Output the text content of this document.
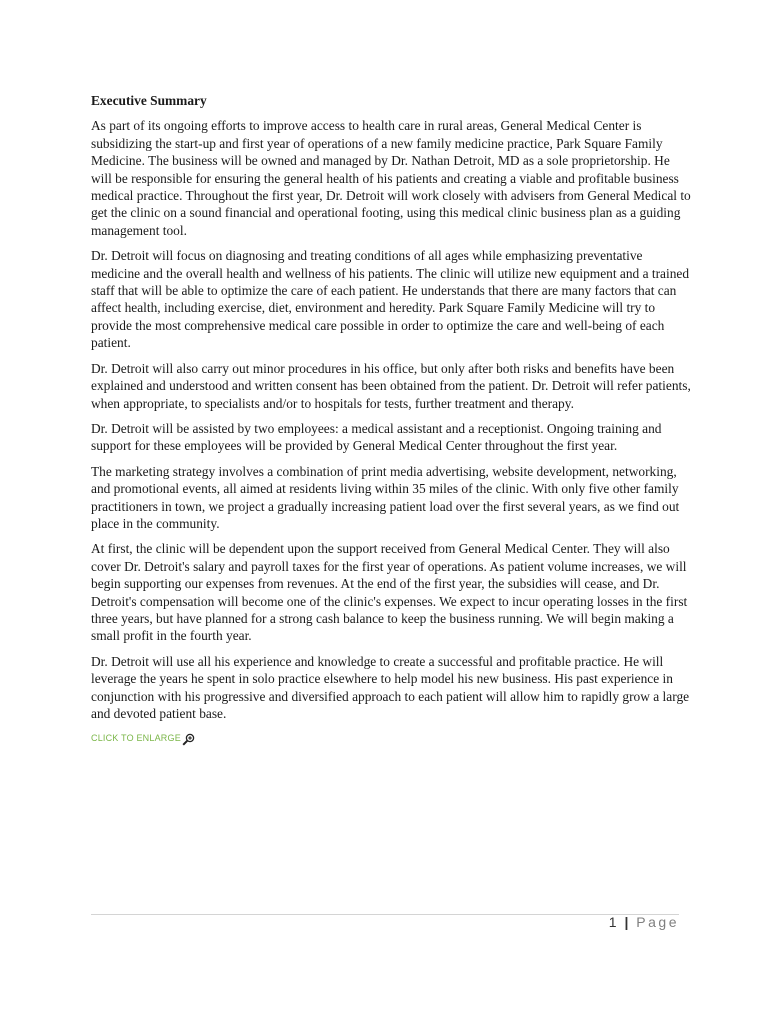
Executive Summary

As part of its ongoing efforts to improve access to health care in rural areas, General Medical Center is subsidizing the start-up and first year of operations of a new family medicine practice, Park Square Family Medicine. The business will be owned and managed by Dr. Nathan Detroit, MD as a sole proprietorship. He will be responsible for ensuring the general health of his patients and creating a viable and profitable business medical practice. Throughout the first year, Dr. Detroit will work closely with advisers from General Medical to get the clinic on a sound financial and operational footing, using this medical clinic business plan as a guiding management tool.

Dr. Detroit will focus on diagnosing and treating conditions of all ages while emphasizing preventative medicine and the overall health and wellness of his patients. The clinic will utilize new equipment and a trained staff that will be able to optimize the care of each patient. He understands that there are many factors that can affect health, including exercise, diet, environment and heredity. Park Square Family Medicine will try to provide the most comprehensive medical care possible in order to optimize the care and well-being of each patient.

Dr. Detroit will also carry out minor procedures in his office, but only after both risks and benefits have been explained and understood and written consent has been obtained from the patient. Dr. Detroit will refer patients, when appropriate, to specialists and/or to hospitals for tests, further treatment and therapy.

Dr. Detroit will be assisted by two employees: a medical assistant and a receptionist. Ongoing training and support for these employees will be provided by General Medical Center throughout the first year.

The marketing strategy involves a combination of print media advertising, website development, networking, and promotional events, all aimed at residents living within 35 miles of the clinic. With only five other family practitioners in town, we project a gradually increasing patient load over the first several years, as we find out place in the community.

At first, the clinic will be dependent upon the support received from General Medical Center. They will also cover Dr. Detroit's salary and payroll taxes for the first year of operations. As patient volume increases, we will begin supporting our expenses from revenues. At the end of the first year, the subsidies will cease, and Dr. Detroit's compensation will become one of the clinic's expenses. We expect to incur operating losses in the first three years, but have planned for a strong cash balance to keep the business running. We will begin making a small profit in the fourth year.

Dr. Detroit will use all his experience and knowledge to create a successful and profitable practice. He will leverage the years he spent in solo practice elsewhere to help model his new business. His past experience in conjunction with his progressive and diversified approach to each patient will allow him to rapidly grow a large and devoted patient base.

CLICK TO ENLARGE
1 | Page
